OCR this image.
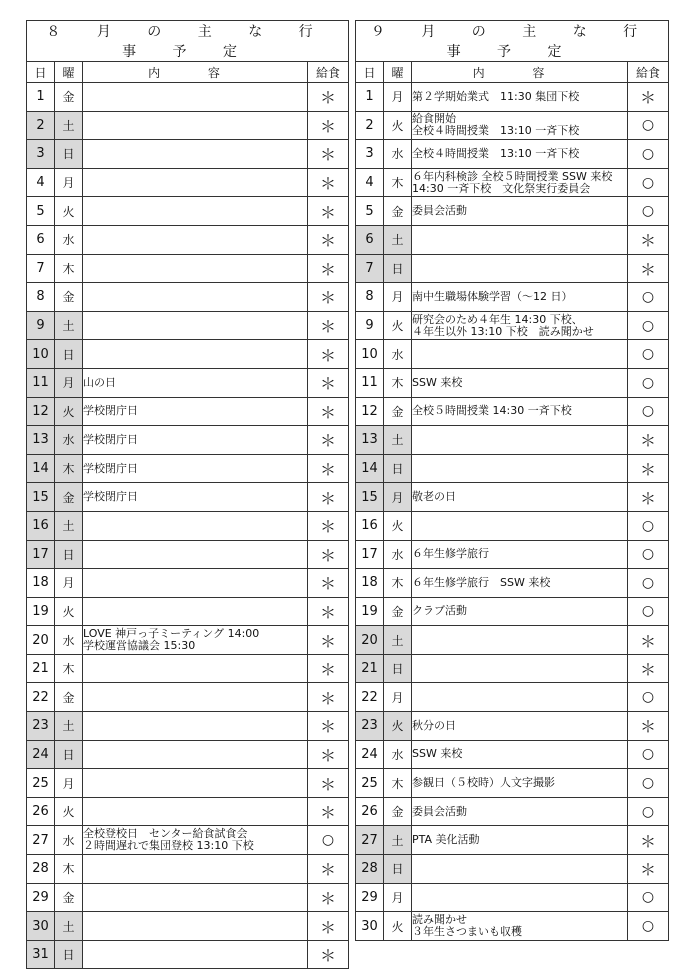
８ 月 の 主 な 行 事 予 定			
日	曜	内 容	給食
1	金		＊
2	土		＊
3	日		＊
4	月		＊
5	火		＊
6	水		＊
7	木		＊
8	金		＊
9	土		＊
10	日		＊
11	月	山の日	＊
12	火	学校閉庁日	＊
13	水	学校閉庁日	＊
14	木	学校閉庁日	＊
15	金	学校閉庁日	＊
16	土		＊
17	日		＊
18	月		＊
19	火		＊
20	水	LOVE 神戸っ子ミーティング 14:00
学校運営協議会 15:30	＊
21	木		＊
22	金		＊
23	土		＊
24	日		＊
25	月		＊
26	火		＊
27	水	全校登校日　センター給食試食会
２時間遅れで集団登校 13:10 下校	○
28	木		＊
29	金		＊
30	土		＊
31	日		＊
９ 月 の 主 な 行 事 予 定			
日	曜	内 容	給食
1	月	第２学期始業式　11:30 集団下校	＊
2	火	給食開始
全校４時間授業　13:10 一斉下校	○
3	水	全校４時間授業　13:10 一斉下校	○
4	木	６年内科検診 全校５時間授業 SSW 来校
14:30 一斉下校　文化祭実行委員会	○
5	金	委員会活動	○
6	土		＊
7	日		＊
8	月	南中生職場体験学習（～12 日）	○
9	火	研究会のため４年生 14:30 下校、
４年生以外 13:10 下校　読み聞かせ	○
10	水		○
11	木	SSW 来校	○
12	金	全校５時間授業 14:30 一斉下校	○
13	土		＊
14	日		＊
15	月	敬老の日	＊
16	火		○
17	水	６年生修学旅行	○
18	木	６年生修学旅行　SSW 来校	○
19	金	クラブ活動	○
20	土		＊
21	日		＊
22	月		○
23	火	秋分の日	＊
24	水	SSW 来校	○
25	木	参観日（５校時）人文字撮影	○
26	金	委員会活動	○
27	土	PTA 美化活動	＊
28	日		＊
29	月		○
30	火	読み聞かせ
３年生さつまいも収穫	○
